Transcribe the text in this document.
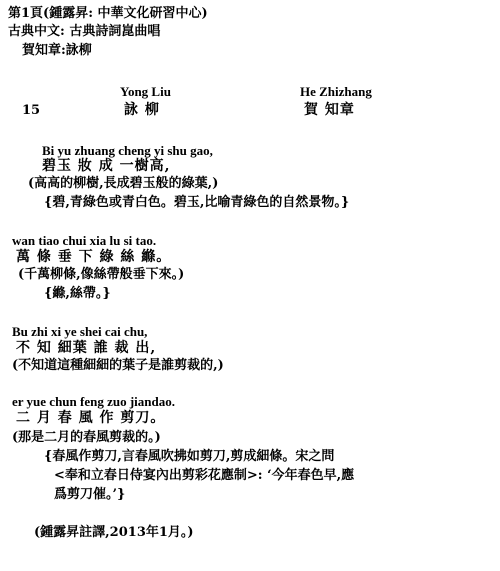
第1頁(鍾露昇: 中華文化研習中心)
古典中文: 古典詩詞崑曲唱
賀知章:詠柳
Yong Liu	He Zhizhang
15	詠 柳	賀 知章
Bi yu zhuang cheng yi shu gao,
碧玉 妝 成 一樹高,
(高高的柳樹,長成碧玉般的綠葉,)
{碧,青綠色或青白色。碧玉,比喻青綠色的自然景物。}
wan tiao chui xia lu si tao.
萬 條 垂 下 綠 絲 縧。
(千萬柳條,像絲帶般垂下來。)
{縧,絲帶。}
Bu zhi xi ye shei cai chu,
不 知 細葉 誰 裁 出,
(不知道這種細細的葉子是誰剪裁的,)
er yue chun feng zuo jiandao.
二 月 春 風 作 剪刀。
(那是二月的春風剪裁的。)
{春風作剪刀,言春風吹拂如剪刀,剪成細條。宋之問
<奉和立春日侍宴內出剪彩花應制>: ‘今年春色早,應
爲剪刀催。’}
(鍾露昇註譯,2013年1月。)
